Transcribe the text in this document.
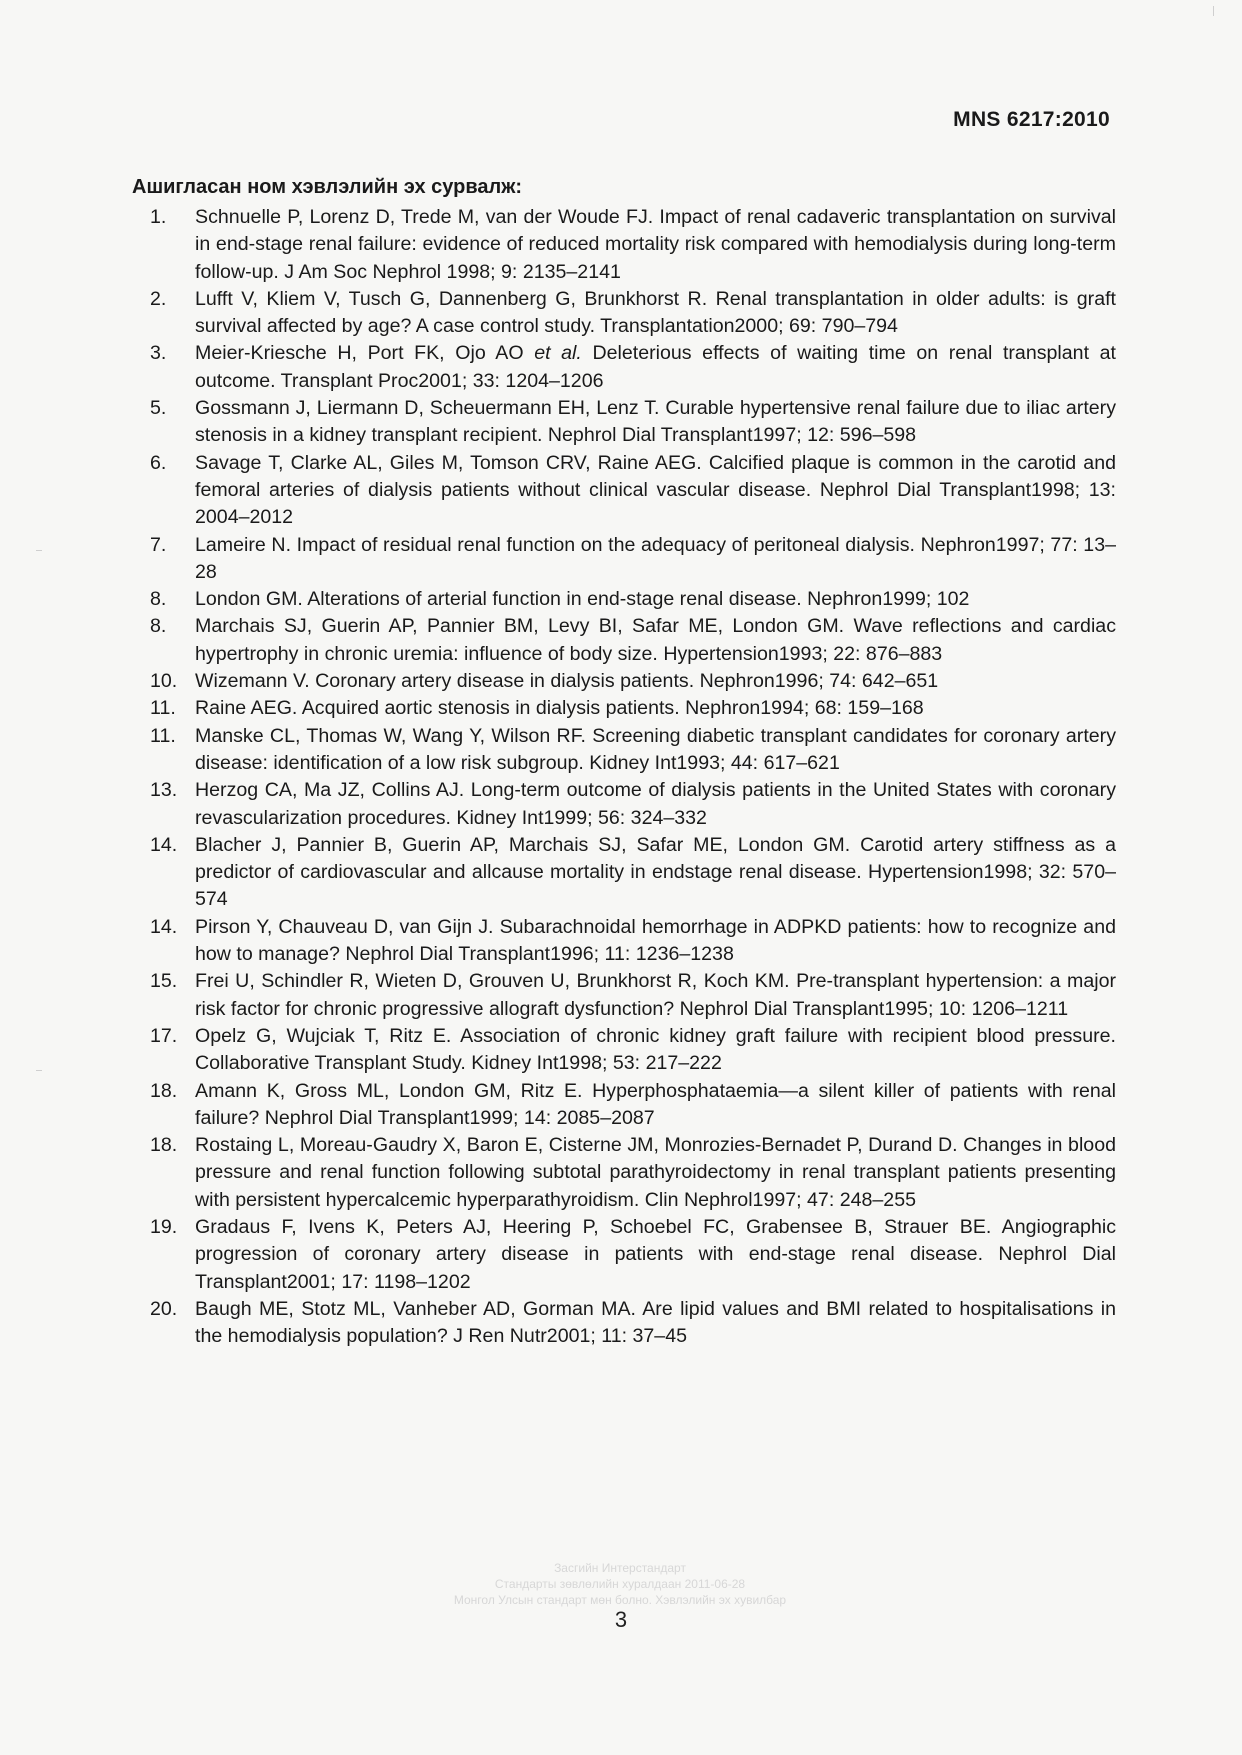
MNS 6217:2010
Ашигласан ном хэвлэлийн эх сурвалж:
1.	Schnuelle P, Lorenz D, Trede M, van der Woude FJ. Impact of renal cadaveric transplantation on survival in end-stage renal failure: evidence of reduced mortality risk compared with hemodialysis during long-term follow-up. J Am Soc Nephrol 1998; 9: 2135–2141
2.	Lufft V, Kliem V, Tusch G, Dannenberg G, Brunkhorst R. Renal transplantation in older adults: is graft survival affected by age? A case control study. Transplantation2000; 69: 790–794
3.	Meier-Kriesche H, Port FK, Ojo AO et al. Deleterious effects of waiting time on renal transplant at outcome. Transplant Proc2001; 33: 1204–1206
5.	Gossmann J, Liermann D, Scheuermann EH, Lenz T. Curable hypertensive renal failure due to iliac artery stenosis in a kidney transplant recipient. Nephrol Dial Transplant1997; 12: 596–598
6.	Savage T, Clarke AL, Giles M, Tomson CRV, Raine AEG. Calcified plaque is common in the carotid and femoral arteries of dialysis patients without clinical vascular disease. Nephrol Dial Transplant1998; 13: 2004–2012
7.	Lameire N. Impact of residual renal function on the adequacy of peritoneal dialysis. Nephron1997; 77: 13–28
8.	London GM. Alterations of arterial function in end-stage renal disease. Nephron1999; 102
8.	Marchais SJ, Guerin AP, Pannier BM, Levy BI, Safar ME, London GM. Wave reflections and cardiac hypertrophy in chronic uremia: influence of body size. Hypertension1993; 22: 876–883
10. Wizemann V. Coronary artery disease in dialysis patients. Nephron1996; 74: 642–651
11. Raine AEG. Acquired aortic stenosis in dialysis patients. Nephron1994; 68: 159–168
11. Manske CL, Thomas W, Wang Y, Wilson RF. Screening diabetic transplant candidates for coronary artery disease: identification of a low risk subgroup. Kidney Int1993; 44: 617–621
13. Herzog CA, Ma JZ, Collins AJ. Long-term outcome of dialysis patients in the United States with coronary revascularization procedures. Kidney Int1999; 56: 324–332
14. Blacher J, Pannier B, Guerin AP, Marchais SJ, Safar ME, London GM. Carotid artery stiffness as a predictor of cardiovascular and allcause mortality in endstage renal disease. Hypertension1998; 32: 570–574
14. Pirson Y, Chauveau D, van Gijn J. Subarachnoidal hemorrhage in ADPKD patients: how to recognize and how to manage? Nephrol Dial Transplant1996; 11: 1236–1238
15. Frei U, Schindler R, Wieten D, Grouven U, Brunkhorst R, Koch KM. Pre-transplant hypertension: a major risk factor for chronic progressive allograft dysfunction? Nephrol Dial Transplant1995; 10: 1206–1211
17. Opelz G, Wujciak T, Ritz E. Association of chronic kidney graft failure with recipient blood pressure. Collaborative Transplant Study. Kidney Int1998; 53: 217–222
18. Amann K, Gross ML, London GM, Ritz E. Hyperphosphataemia—a silent killer of patients with renal failure? Nephrol Dial Transplant1999; 14: 2085–2087
18. Rostaing L, Moreau-Gaudry X, Baron E, Cisterne JM, Monrozies-Bernadet P, Durand D. Changes in blood pressure and renal function following subtotal parathyroidectomy in renal transplant patients presenting with persistent hypercalcemic hyperparathyroidism. Clin Nephrol1997; 47: 248–255
19. Gradaus F, Ivens K, Peters AJ, Heering P, Schoebel FC, Grabensee B, Strauer BE. Angiographic progression of coronary artery disease in patients with end-stage renal disease. Nephrol Dial Transplant2001; 17: 1198–1202
20. Baugh ME, Stotz ML, Vanheber AD, Gorman MA. Are lipid values and BMI related to hospitalisations in the hemodialysis population? J Ren Nutr2001; 11: 37–45
Засгийн Интерстандарт
Стандарты зөвлөлийн хуралдаан 2011-06-28
Монгол Улсын стандарт мөн болно. Хэвлэлийн эх хувилбар
3
